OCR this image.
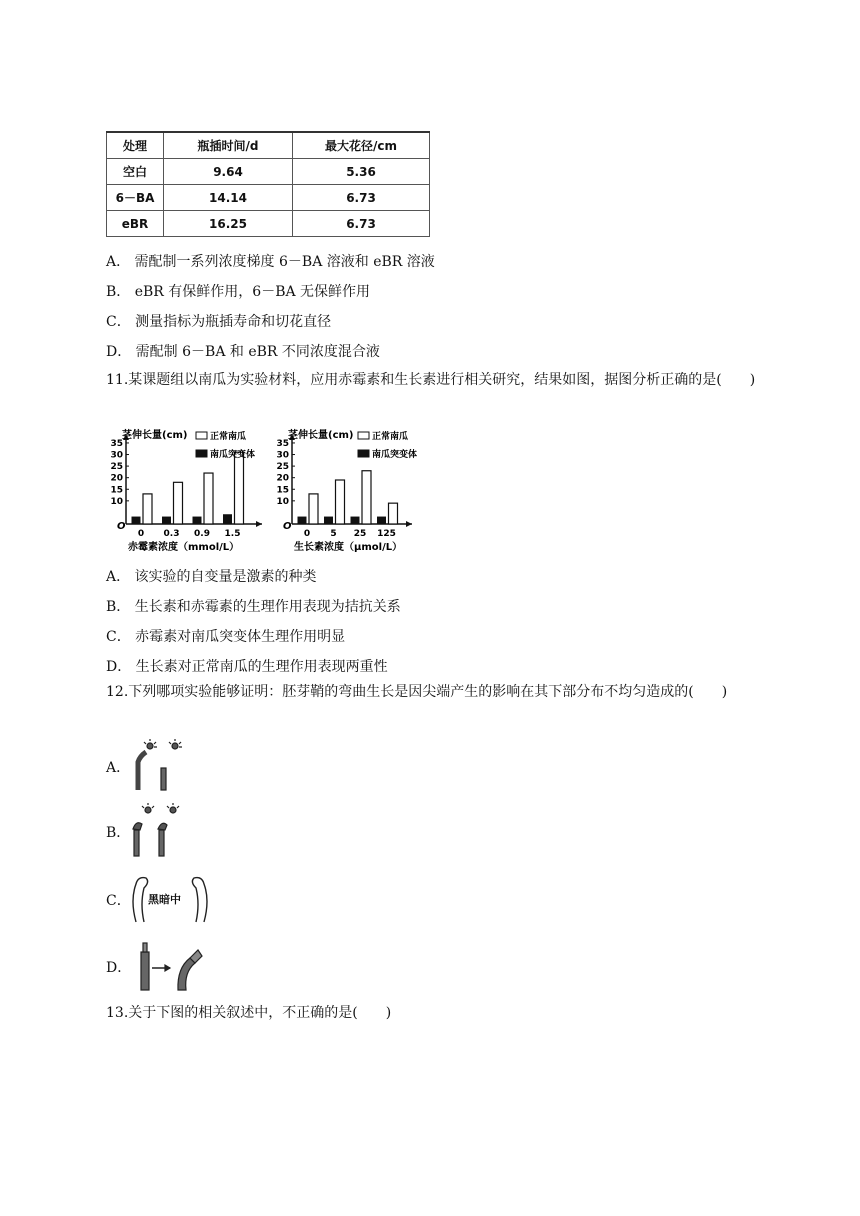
处理	瓶插时间/d	最大花径/cm
空白	9.64	5.36
6－BA	14.14	6.73
eBR	16.25	6.73
A． 需配制一系列浓度梯度 6－BA 溶液和 eBR 溶液
B． eBR 有保鲜作用，6－BA 无保鲜作用
C． 测量指标为瓶插寿命和切花直径
D． 需配制 6－BA 和 eBR 不同浓度混合液
11.某课题组以南瓜为实验材料，应用赤霉素和生长素进行相关研究，结果如图，据图分析正确的是(　　)
10
15
20
25
30
35
O
0 0.3 0.9 1.5
茎伸长量(cm)	正常南瓜
南瓜突变体
赤霉素浓度（mmol/L）
10
15
20
25
30
35
O
0 5 25 125
茎伸长量(cm) 正常南瓜
南瓜突变体
生长素浓度（μmol/L）
A． 该实验的自变量是激素的种类
B． 生长素和赤霉素的生理作用表现为拮抗关系
C． 赤霉素对南瓜突变体生理作用明显
D． 生长素对正常南瓜的生理作用表现两重性
12.下列哪项实验能够证明：胚芽鞘的弯曲生长是因尖端产生的影响在其下部分布不均匀造成的(　　)
A．
B．
C． 黑暗中
D．
13.关于下图的相关叙述中，不正确的是(　　)
